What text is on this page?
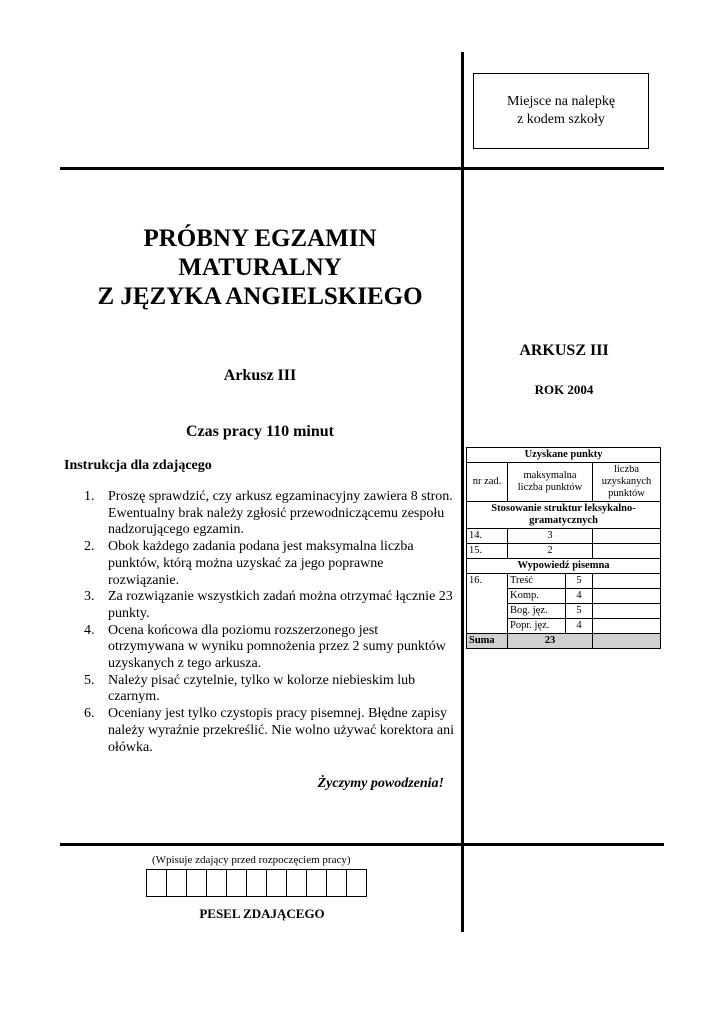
Miejsce na nalepkę
z kodem szkoły
PRÓBNY EGZAMIN
MATURALNY
Z JĘZYKA ANGIELSKIEGO
Arkusz III
Czas pracy 110 minut
ARKUSZ III
ROK 2004
Instrukcja dla zdającego
1. Proszę sprawdzić, czy arkusz egzaminacyjny zawiera 8 stron. Ewentualny brak należy zgłosić przewodniczącemu zespołu nadzorującego egzamin.
2. Obok każdego zadania podana jest maksymalna liczba punktów, którą można uzyskać za jego poprawne rozwiązanie.
3. Za rozwiązanie wszystkich zadań można otrzymać łącznie 23 punkty.
4. Ocena końcowa dla poziomu rozszerzonego jest otrzymywana w wyniku pomnożenia przez 2 sumy punktów uzyskanych z tego arkusza.
5. Należy pisać czytelnie, tylko w kolorze niebieskim lub czarnym.
6. Oceniany jest tylko czystopis pracy pisemnej. Błędne zapisy należy wyraźnie przekreślić. Nie wolno używać korektora ani ołówka.
Życzymy powodzenia!
(Wpisuje zdający przed rozpoczęciem pracy)
PESEL ZDAJĄCEGO
Uzyskane punkty			
nr zad.	maksymalna liczba punktów		liczba uzyskanych punktów
Stosowanie struktur leksykalno-gramatycznych			
14.	3		
15.	2		
Wypowiedź pisemna			
16.	Treść	5	
	Komp.	4	
	Bog. jęz.	5	
	Popr. jęz.	4	
Suma	23		
